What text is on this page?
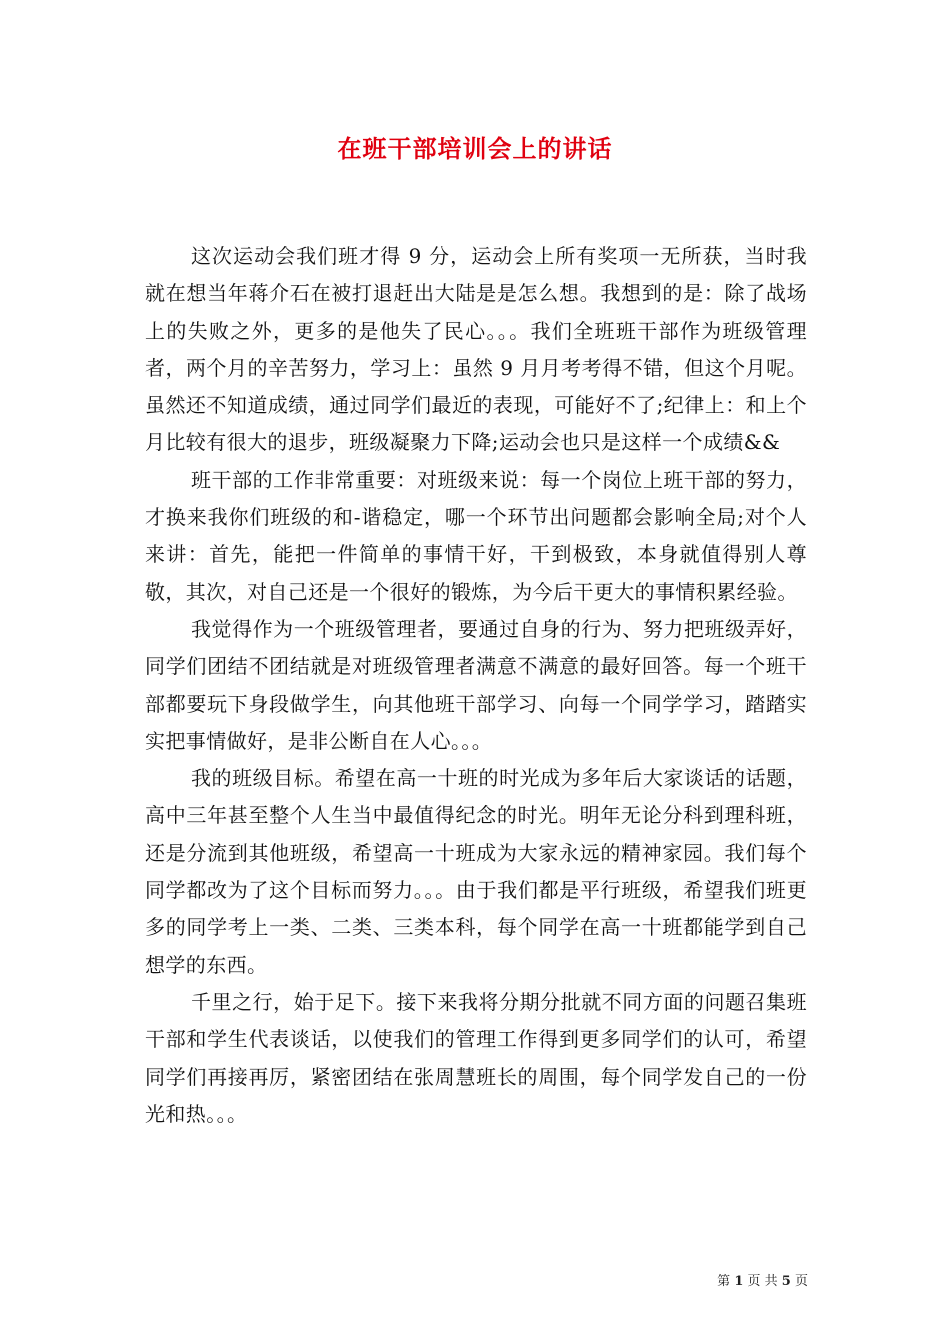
在班干部培训会上的讲话

这次运动会我们班才得 9 分，运动会上所有奖项一无所获，当时我就在想当年蒋介石在被打退赶出大陆是是怎么想。我想到的是：除了战场上的失败之外，更多的是他失了民心。。。我们全班班干部作为班级管理者，两个月的辛苦努力，学习上：虽然 9 月月考考得不错，但这个月呢。虽然还不知道成绩，通过同学们最近的表现，可能好不了;纪律上：和上个月比较有很大的退步，班级凝聚力下降;运动会也只是这样一个成绩&&

班干部的工作非常重要：对班级来说：每一个岗位上班干部的努力，才换来我你们班级的和-谐稳定，哪一个环节出问题都会影响全局;对个人来讲：首先，能把一件简单的事情干好，干到极致，本身就值得别人尊敬，其次，对自己还是一个很好的锻炼，为今后干更大的事情积累经验。

我觉得作为一个班级管理者，要通过自身的行为、努力把班级弄好，同学们团结不团结就是对班级管理者满意不满意的最好回答。每一个班干部都要玩下身段做学生，向其他班干部学习、向每一个同学学习，踏踏实实把事情做好，是非公断自在人心。。。

我的班级目标。希望在高一十班的时光成为多年后大家谈话的话题，高中三年甚至整个人生当中最值得纪念的时光。明年无论分科到理科班，还是分流到其他班级，希望高一十班成为大家永远的精神家园。我们每个同学都改为了这个目标而努力。。。由于我们都是平行班级，希望我们班更多的同学考上一类、二类、三类本科，每个同学在高一十班都能学到自己想学的东西。

千里之行，始于足下。接下来我将分期分批就不同方面的问题召集班干部和学生代表谈话，以使我们的管理工作得到更多同学们的认可，希望同学们再接再厉，紧密团结在张周慧班长的周围，每个同学发自己的一份光和热。。。

第 1 页 共 5 页
